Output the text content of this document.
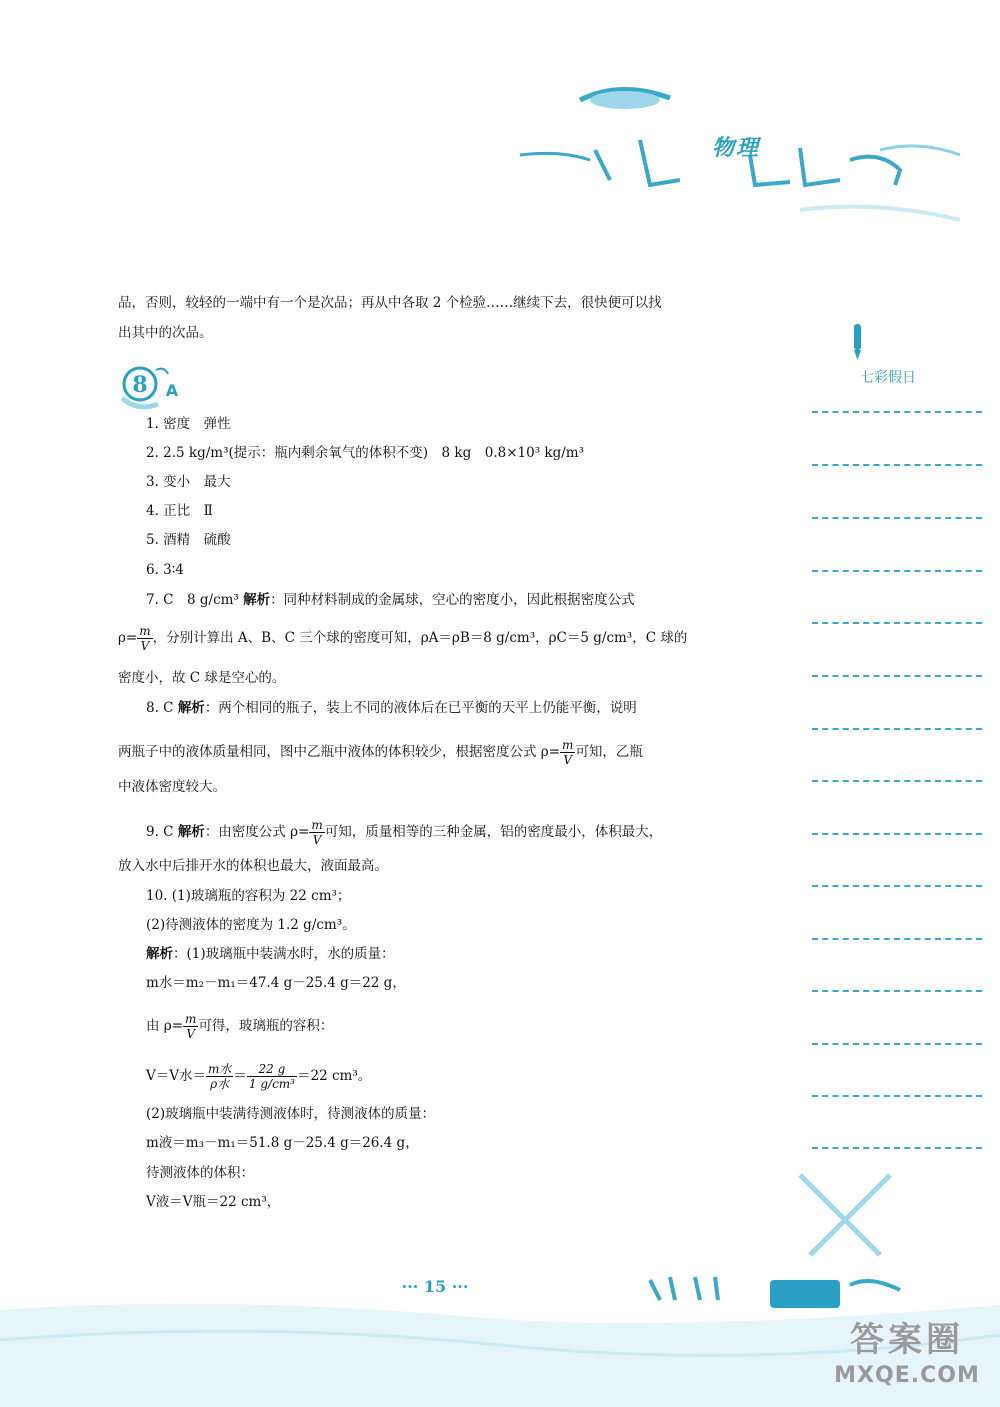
物理
七彩假日
品，否则，较轻的一端中有一个是次品；再从中各取 2 个检验……继续下去，很快便可以找
出其中的次品。
8 A
1. 密度　弹性
2. 2.5 kg/m³(提示：瓶内剩余氧气的体积不变)　8 kg　0.8×10³ kg/m³
3. 变小　最大
4. 正比　Ⅱ
5. 酒精　硫酸
6. 3∶4
7. C　8 g/cm³ 解析：同种材料制成的金属球，空心的密度小，因此根据密度公式
$\rho= \frac{m}{V}$ ，分别计算出 A、B、C 三个球的密度可知，ρA＝ρB＝8 g/cm³，ρC＝5 g/cm³，C 球的
密度小，故 C 球是空心的。
8. C 解析：两个相同的瓶子，装上不同的液体后在已平衡的天平上仍能平衡，说明
两瓶子中的液体质量相同，图中乙瓶中液体的体积较少，根据密度公式 $\rho= \frac{m}{V}$ 可知，乙瓶
中液体密度较大。
9. C 解析：由密度公式 $\rho= \frac{m}{V}$ 可知，质量相等的三种金属，铝的密度最小，体积最大，
放入水中后排开水的体积也最大，液面最高。
10. (1)玻璃瓶的容积为 22 cm³；
(2)待测液体的密度为 1.2 g/cm³。
解析：(1)玻璃瓶中装满水时，水的质量：
m水＝m₂－m₁＝47.4 g－25.4 g＝22 g，
由 $\rho= \frac{m}{V}$ 可得，玻璃瓶的容积：
V＝V水＝ $\frac{\text{m水}}{\text{ρ水}} = \frac{22 g}{\text{1 g/cm³}} =22$ cm³。
(2)玻璃瓶中装满待测液体时，待测液体的质量：
m液＝m₃－m₁＝51.8 g－25.4 g＝26.4 g，
待测液体的体积：
V液＝V瓶＝22 cm³，
··· 15 ···
答案圈
MXQE.COM
